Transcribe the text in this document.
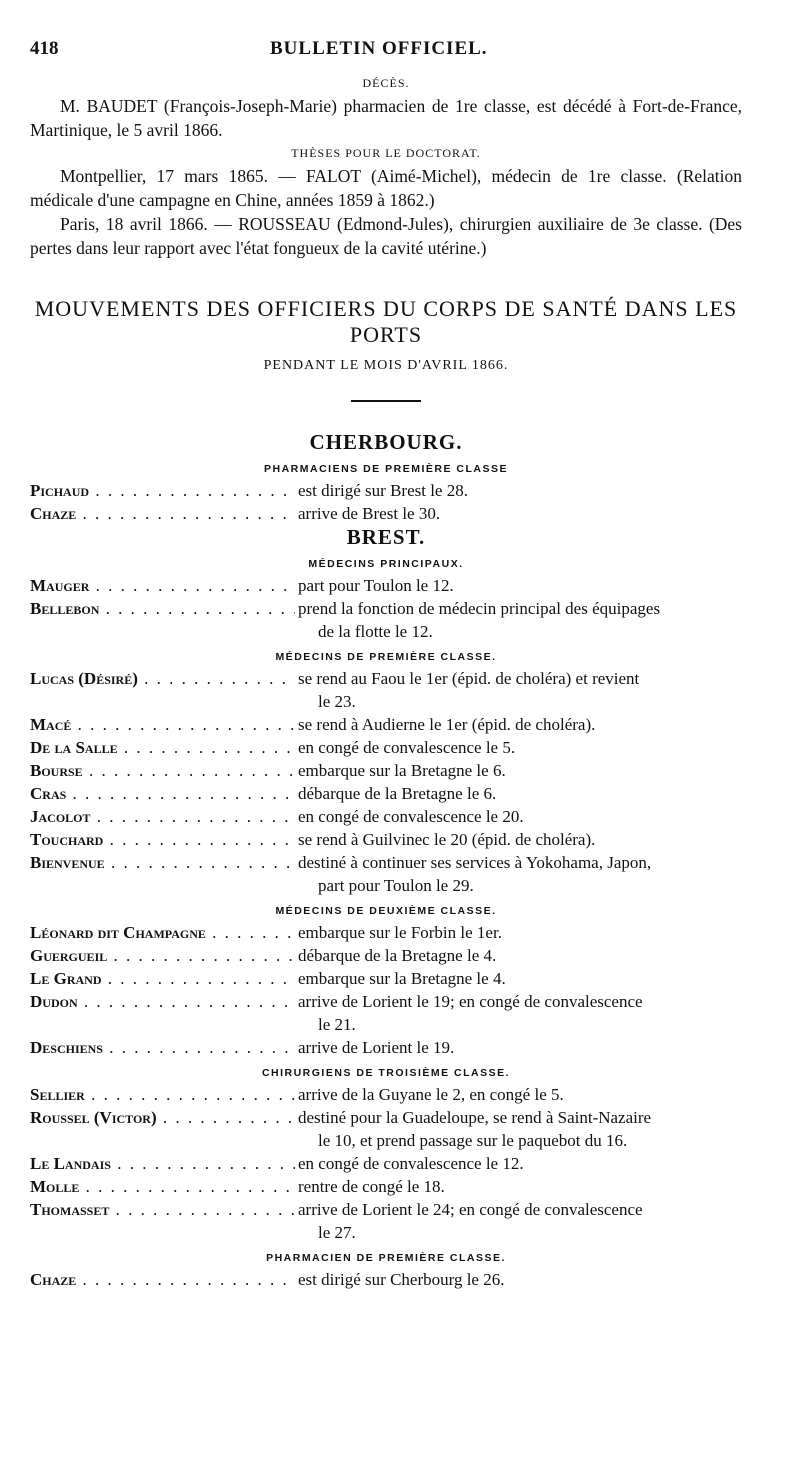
418	BULLETIN OFFICIEL.
DÉCÈS.

M. BAUDET (François-Joseph-Marie) pharmacien de 1re classe, est décédé à Fort-de-France, Martinique, le 5 avril 1866.

THÈSES POUR LE DOCTORAT.

Montpellier, 17 mars 1865. — FALOT (Aimé-Michel), médecin de 1re classe. (Relation médicale d'une campagne en Chine, années 1859 à 1862.)

Paris, 18 avril 1866. — ROUSSEAU (Edmond-Jules), chirurgien auxiliaire de 3e classe. (Des pertes dans leur rapport avec l'état fongueux de la cavité utérine.)

MOUVEMENTS DES OFFICIERS DU CORPS DE SANTÉ DANS LES PORTS
PENDANT LE MOIS D'AVRIL 1866.
CHERBOURG.
PHARMACIENS DE PREMIÈRE CLASSE
Pichaud . . .	est dirigé sur Brest le 28.
Chaze . . .	arrive de Brest le 30.
BREST.
MÉDECINS PRINCIPAUX.
Mauger . . .	part pour Toulon le 12.
Bellebon . . .	prend la fonction de médecin principal des équipages
de la flotte le 12.
MÉDECINS DE PREMIÈRE CLASSE.
Lucas (Désiré) . . .	se rend au Faou le 1er (épid. de choléra) et revient
le 23.
Macé . . .	se rend à Audierne le 1er (épid. de choléra).
De la Salle . . .	en congé de convalescence le 5.
Bourse . . .	embarque sur la Bretagne le 6.
Cras . . .	débarque de la Bretagne le 6.
Jacolot . . .	en congé de convalescence le 20.
Touchard . . .	se rend à Guilvinec le 20 (épid. de choléra).
Bienvenue . . .	destiné à continuer ses services à Yokohama, Japon,
part pour Toulon le 29.
MÉDECINS DE DEUXIÈME CLASSE.
Léonard dit Champagne . . .	embarque sur le Forbin le 1er.
Guergueil . . .	débarque de la Bretagne le 4.
Le Grand . . .	embarque sur la Bretagne le 4.
Dudon . . .	arrive de Lorient le 19; en congé de convalescence
le 21.
Deschiens . . .	arrive de Lorient le 19.
CHIRURGIENS DE TROISIÈME CLASSE.
Sellier . . .	arrive de la Guyane le 2, en congé le 5.
Roussel (Victor) . . .	destiné pour la Guadeloupe, se rend à Saint-Nazaire
le 10, et prend passage sur le paquebot du 16.
Le Landais . . .	en congé de convalescence le 12.
Molle . . .	rentre de congé le 18.
Thomasset . . .	arrive de Lorient le 24; en congé de convalescence
le 27.
PHARMACIEN DE PREMIÈRE CLASSE.
Chaze . . .	est dirigé sur Cherbourg le 26.
